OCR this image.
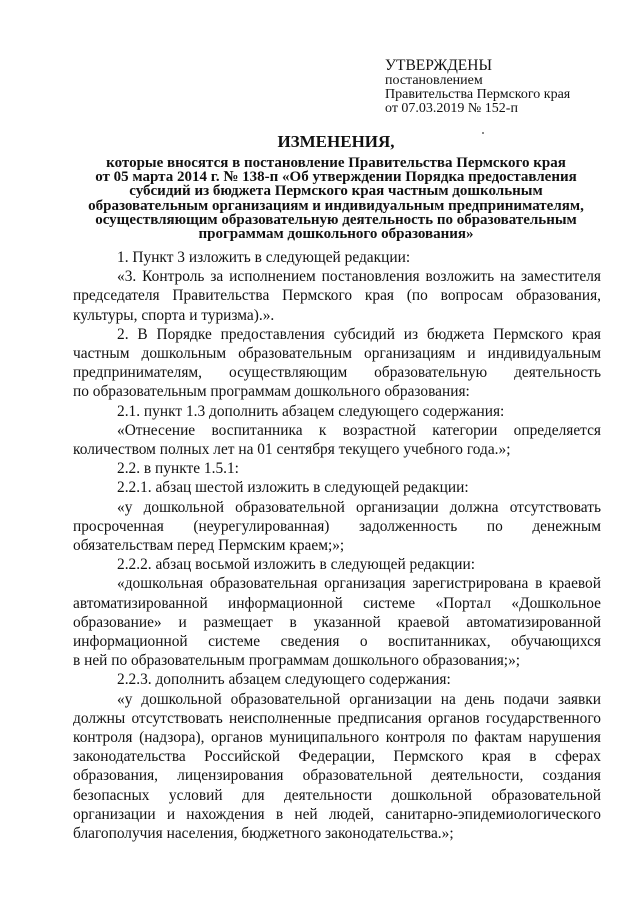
УТВЕРЖДЕНЫ
постановлением
Правительства Пермского края
от 07.03.2019 № 152-п
ИЗМЕНЕНИЯ,
которые вносятся в постановление Правительства Пермского края
от 05 марта 2014 г. № 138-п «Об утверждении Порядка предоставления
субсидий из бюджета Пермского края частным дошкольным
образовательным организациям и индивидуальным предпринимателям,
осуществляющим образовательную деятельность по образовательным
программам дошкольного образования»

1. Пункт 3 изложить в следующей редакции:

«3. Контроль за исполнением постановления возложить на заместителя

председателя Правительства Пермского края (по вопросам образования,

культуры, спорта и туризма).».

2. В Порядке предоставления субсидий из бюджета Пермского края

частным дошкольным образовательным организациям и индивидуальным

предпринимателям, осуществляющим образовательную деятельность

по образовательным программам дошкольного образования:

2.1. пункт 1.3 дополнить абзацем следующего содержания:

«Отнесение воспитанника к возрастной категории определяется

количеством полных лет на 01 сентября текущего учебного года.»;

2.2. в пункте 1.5.1:

2.2.1. абзац шестой изложить в следующей редакции:

«у дошкольной образовательной организации должна отсутствовать

просроченная (неурегулированная) задолженность по денежным

обязательствам перед Пермским краем;»;

2.2.2. абзац восьмой изложить в следующей редакции:

«дошкольная образовательная организация зарегистрирована в краевой

автоматизированной информационной системе «Портал «Дошкольное

образование» и размещает в указанной краевой автоматизированной

информационной системе сведения о воспитанниках, обучающихся

в ней по образовательным программам дошкольного образования;»;

2.2.3. дополнить абзацем следующего содержания:

«у дошкольной образовательной организации на день подачи заявки

должны отсутствовать неисполненные предписания органов государственного

контроля (надзора), органов муниципального контроля по фактам нарушения

законодательства Российской Федерации, Пермского края в сферах

образования, лицензирования образовательной деятельности, создания

безопасных условий для деятельности дошкольной образовательной

организации и нахождения в ней людей, санитарно-эпидемиологического

благополучия населения, бюджетного законодательства.»;
